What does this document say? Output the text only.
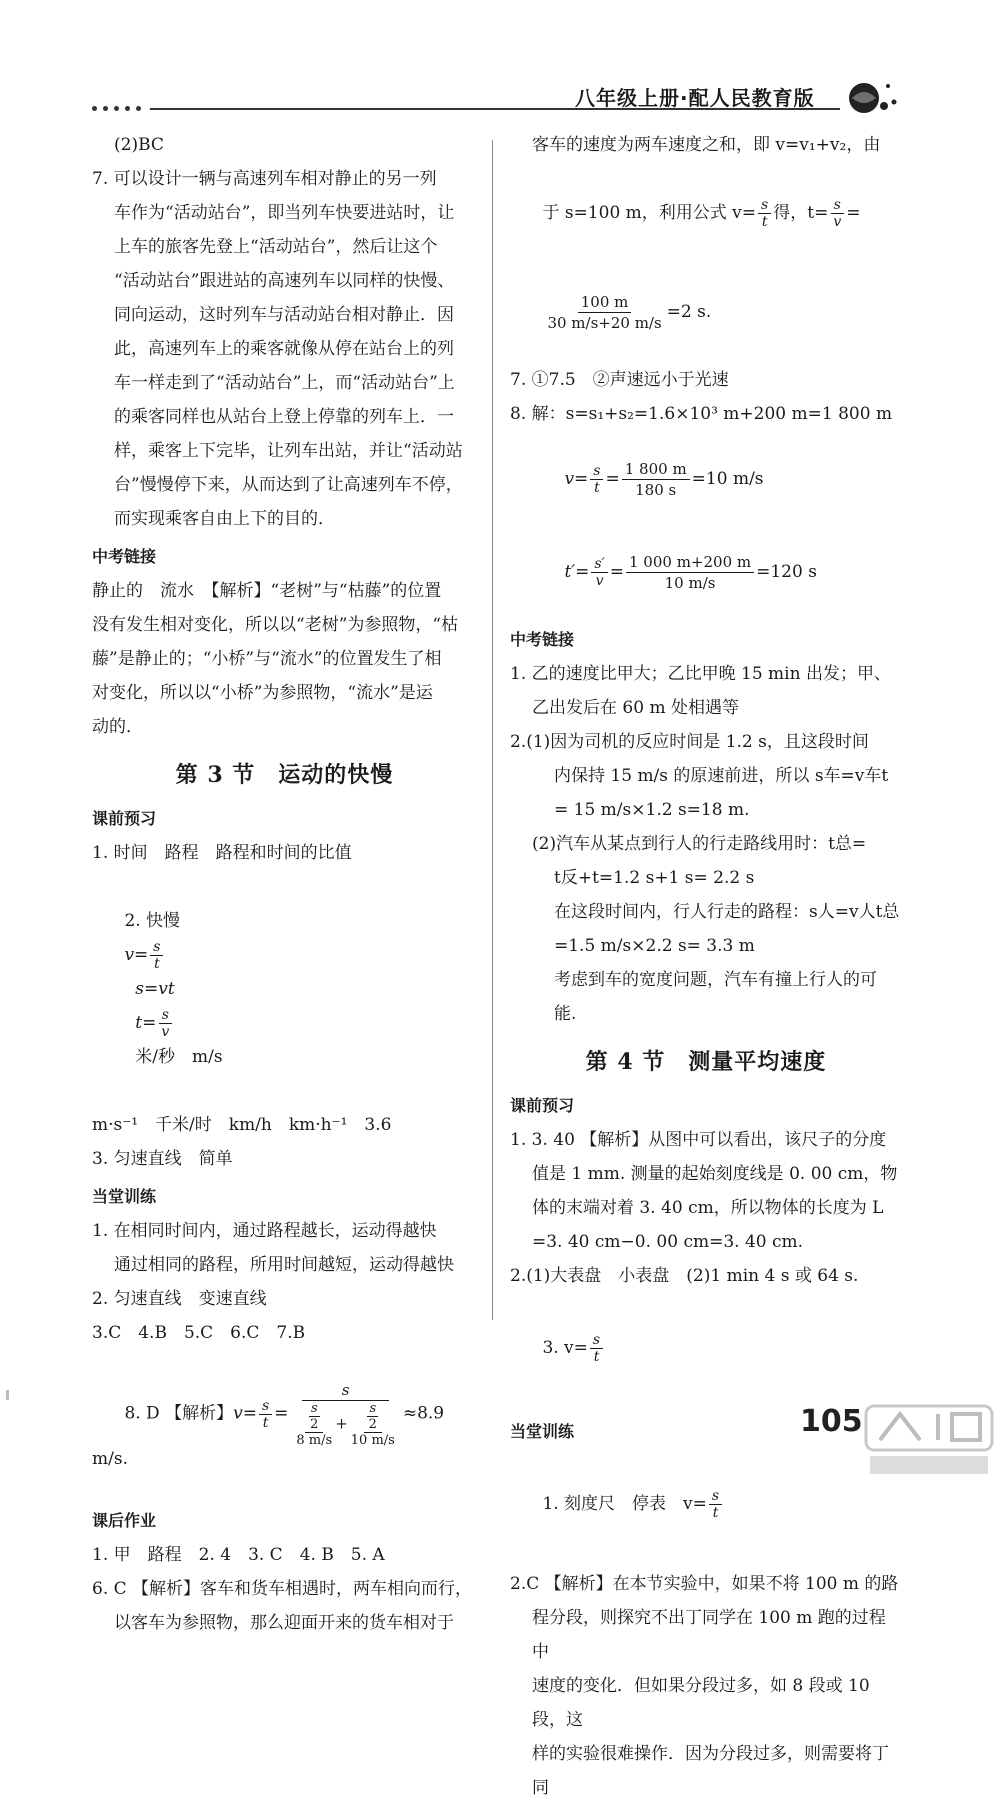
八年级上册·配人民教育版

(2)BC

7. 可以设计一辆与高速列车相对静止的另一列

车作为“活动站台”，即当列车快要进站时，让

上车的旅客先登上“活动站台”，然后让这个

“活动站台”跟进站的高速列车以同样的快慢、

同向运动，这时列车与活动站台相对静止．因

此，高速列车上的乘客就像从停在站台上的列

车一样走到了“活动站台”上，而“活动站台”上

的乘客同样也从站台上登上停靠的列车上．一

样，乘客上下完毕，让列车出站，并让“活动站

台”慢慢停下来，从而达到了让高速列车不停，

而实现乘客自由上下的目的．

中考链接

静止的　流水　【解析】“老树”与“枯藤”的位置

没有发生相对变化，所以以“老树”为参照物，“枯

藤”是静止的；“小桥”与“流水”的位置发生了相

对变化，所以以“小桥”为参照物，“流水”是运

动的．

第 3 节　运动的快慢

课前预习

1. 时间　路程　路程和时间的比值

2. 快慢　
$v= \frac{s}{t}$

s=vt
$t= \frac{s}{v}$

米/秒　m/s

m·s⁻¹　千米/时　km/h　km·h⁻¹　3.6

3. 匀速直线　简单

当堂训练

1. 在相同时间内，通过路程越长，运动得越快

通过相同的路程，所用时间越短，运动得越快

2. 匀速直线　变速直线

3.C　4.B　5.C　6.C　7.B

8. D 【解析】$v= \frac{s}{t} = \frac{s}{\frac{\frac{s}{2}}{8 m/s} + \frac{\frac{s}{2}}{10 m/s}} \approx 8.9$ m/s.

课后作业

1. 甲　路程　2. 4　3. C　4. B　5. A

6. C 【解析】客车和货车相遇时，两车相向而行，

以客车为参照物，那么迎面开来的货车相对于

客车的速度为两车速度之和，即 v=v₁+v₂，由

于 s=100 m，利用公式 $v= \frac{s}{t}$ 得，$t= \frac{s}{v}$ =

$\frac{100 m}{30 m/s+20 m/s} =2$ s.

7. ①7.5　②声速远小于光速

8. 解：s=s₁+s₂=1.6×10³ m+200 m=1 800 m

$v= \frac{s}{t} = \frac{1 800 m}{180 s} =10$ m/s

$t'= \frac{s'}{v} = \frac{1 000 m+200 m}{10 m/s} =120$ s

中考链接

1. 乙的速度比甲大；乙比甲晚 15 min 出发；甲、

乙出发后在 60 m 处相遇等

2.(1)因为司机的反应时间是 1.2 s，且这段时间

内保持 15 m/s 的原速前进，所以 s车=v车t

= 15 m/s×1.2 s=18 m.

(2)汽车从某点到行人的行走路线用时：t总=

t反+t=1.2 s+1 s= 2.2 s

在这段时间内，行人行走的路程：s人=v人t总

=1.5 m/s×2.2 s= 3.3 m

考虑到车的宽度问题，汽车有撞上行人的可

能.

第 4 节　测量平均速度

课前预习

1. 3. 40 【解析】从图中可以看出，该尺子的分度

值是 1 mm. 测量的起始刻度线是 0. 00 cm，物

体的末端对着 3. 40 cm，所以物体的长度为 L

=3. 40 cm−0. 00 cm=3. 40 cm.

2.(1)大表盘　小表盘　(2)1 min 4 s 或 64 s.

3. $v= \frac{s}{t}$

当堂训练

1. 刻度尺　停表　$v= \frac{s}{t}$

2.C 【解析】在本节实验中，如果不将 100 m 的路

程分段，则探究不出丁同学在 100 m 跑的过程中

速度的变化．但如果分段过多，如 8 段或 10 段，这

样的实验很难操作．因为分段过多，则需要将丁同

105
